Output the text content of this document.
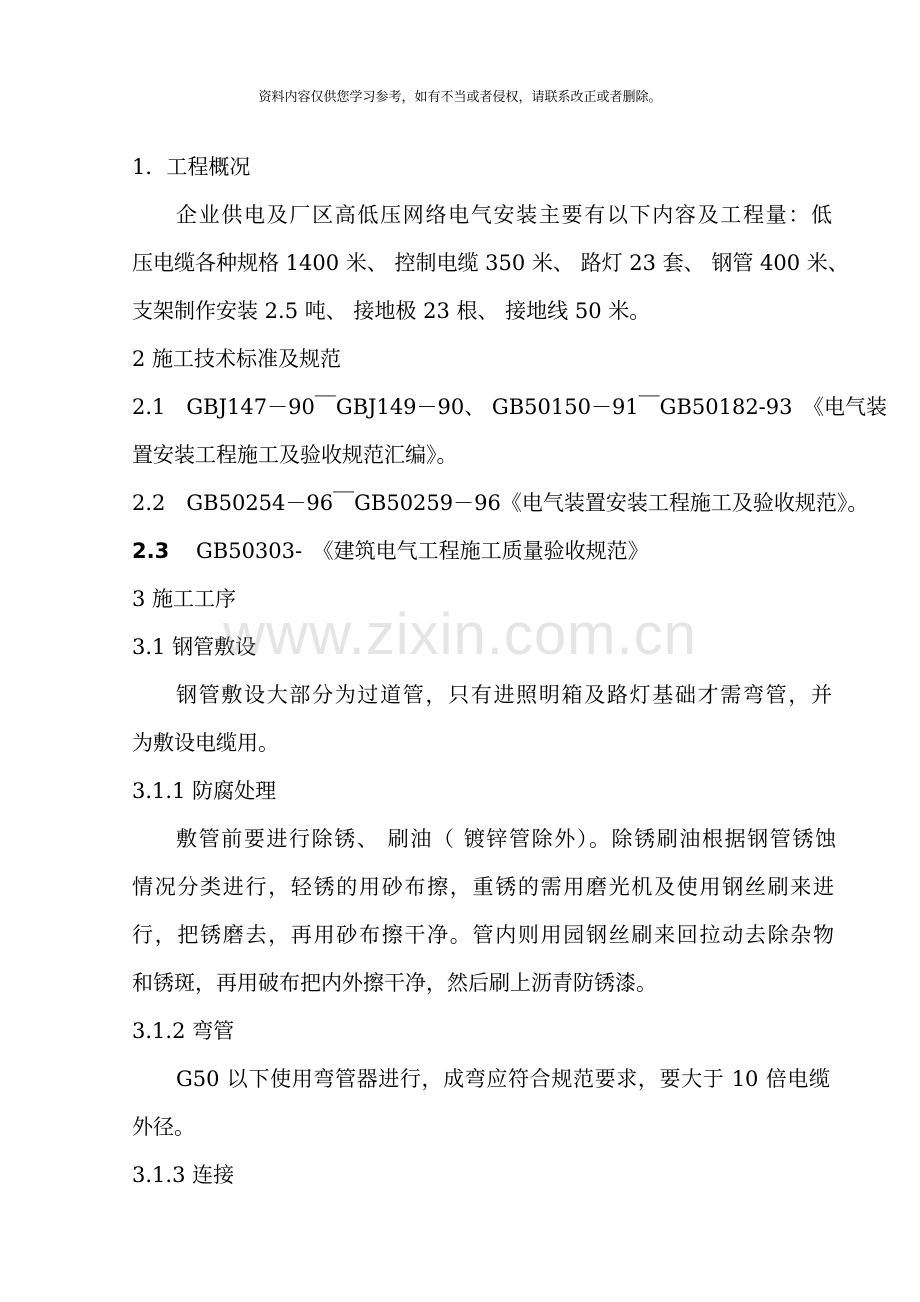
资料内容仅供您学习参考，如有不当或者侵权，请联系改正或者删除。
1．工程概况
企业供电及厂区高低压网络电气安装主要有以下内容及工程量：低
压电缆各种规格 1400 米、 控制电缆 350 米、 路灯 23 套、 钢管 400 米、
支架制作安装 2.5 吨、 接地极 23 根、 接地线 50 米。
2 施工技术标准及规范
2.1　GBJ147－90￣GBJ149－90、 GB50150－91￣GB50182-93　《电气装
置安装工程施工及验收规范汇编》。
2.2　GB50254－96￣GB50259－96《电气装置安装工程施工及验收规范》。
2.3 GB50303-　《建筑电气工程施工质量验收规范》
3 施工工序
3.1 钢管敷设
钢管敷设大部分为过道管，只有进照明箱及路灯基础才需弯管，并
为敷设电缆用。
3.1.1 防腐处理
敷管前要进行除锈、 刷油（ 镀锌管除外）。除锈刷油根据钢管锈蚀
情况分类进行，轻锈的用砂布擦，重锈的需用磨光机及使用钢丝刷来进
行，把锈磨去，再用砂布擦干净。管内则用园钢丝刷来回拉动去除杂物
和锈斑，再用破布把内外擦干净，然后刷上沥青防锈漆。
3.1.2 弯管
G50 以下使用弯管器进行，成弯应符合规范要求，要大于 10 倍电缆
外径。
3.1.3 连接
www.zixin.com.cn
